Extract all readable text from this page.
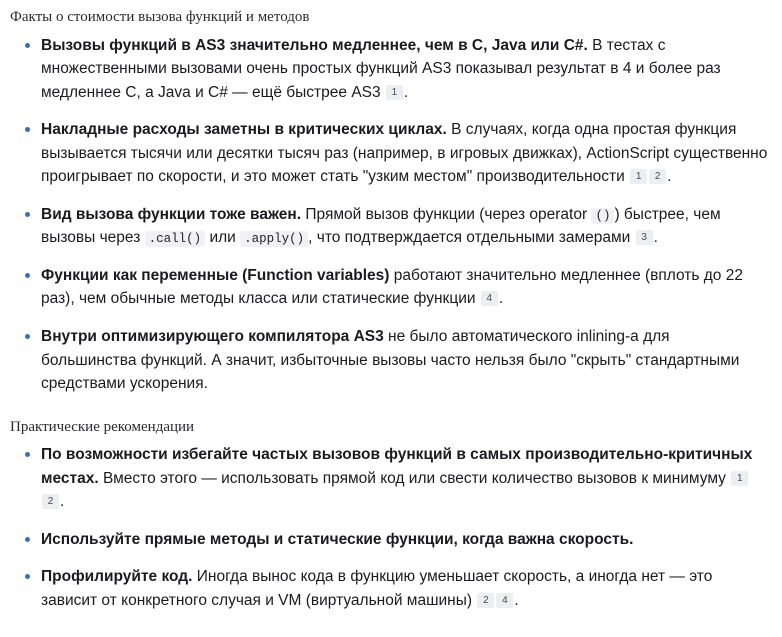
Факты о стоимости вызова функций и методов
Вызовы функций в AS3 значительно медленнее, чем в C, Java или C#. В тестах с множественными вызовами очень простых функций AS3 показывал результат в 4 и более раз медленнее C, а Java и C# — ещё быстрее AS3 1 .
Накладные расходы заметны в критических циклах. В случаях, когда одна простая функция вызывается тысячи или десятки тысяч раз (например, в игровых движках), ActionScript существенно проигрывает по скорости, и это может стать "узким местом" производительности 1 2 .
Вид вызова функции тоже важен. Прямой вызов функции (через operator () ) быстрее, чем вызовы через .call() или .apply() , что подтверждается отдельными замерами 3 .
Функции как переменные (Function variables) работают значительно медленнее (вплоть до 22 раз), чем обычные методы класса или статические функции 4 .
Внутри оптимизирующего компилятора AS3 не было автоматического inlining-а для большинства функций. А значит, избыточные вызовы часто нельзя было "скрыть" стандартными средствами ускорения.
Практические рекомендации
По возможности избегайте частых вызовов функций в самых производительно-критичных местах. Вместо этого — использовать прямой код или свести количество вызовов к минимуму 12 .
Используйте прямые методы и статические функции, когда важна скорость.
Профилируйте код. Иногда вынос кода в функцию уменьшает скорость, а иногда нет — это зависит от конкретного случая и VM (виртуальной машины) 2 4 .
